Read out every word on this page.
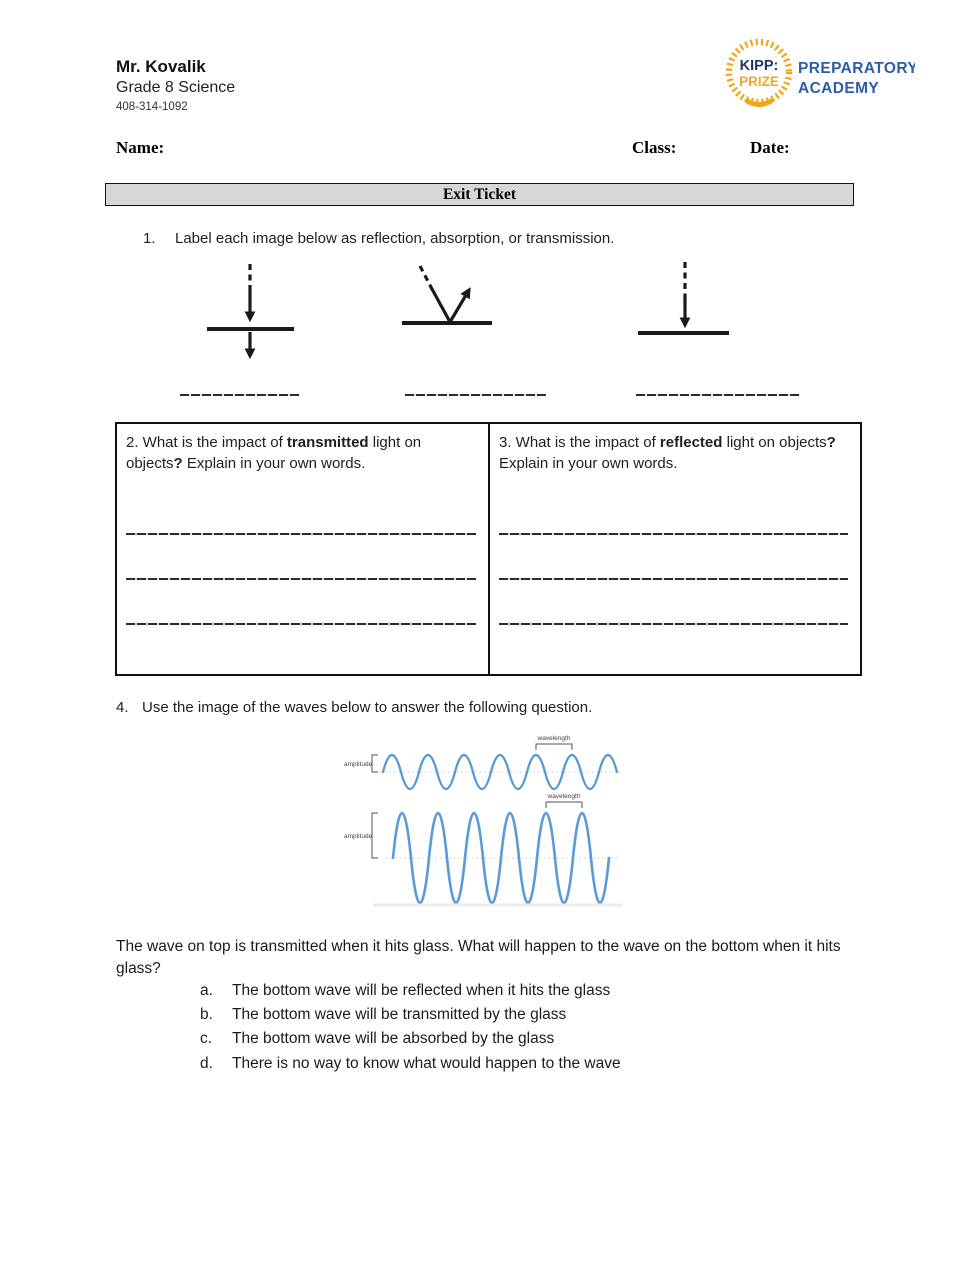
Mr. Kovalik
Grade 8 Science
408-314-1092
KIPP:
PRIZE
PREPARATORY
ACADEMY
Name:	Class:	Date:
Exit Ticket
1.	Label each image below as reflection, absorption, or transmission.
2. What is the impact of transmitted light on objects? Explain in your own words.
3. What is the impact of reflected light on objects? Explain in your own words.
4. Use the image of the waves below to answer the following question.
amplitude
wavelength
amplitude
wavelength
The wave on top is transmitted when it hits glass. What will happen to the wave on the bottom when it hits glass?
a.	The bottom wave will be reflected when it hits the glass
b.	The bottom wave will be transmitted by the glass
c.	The bottom wave will be absorbed by the glass
d.	There is no way to know what would happen to the wave
